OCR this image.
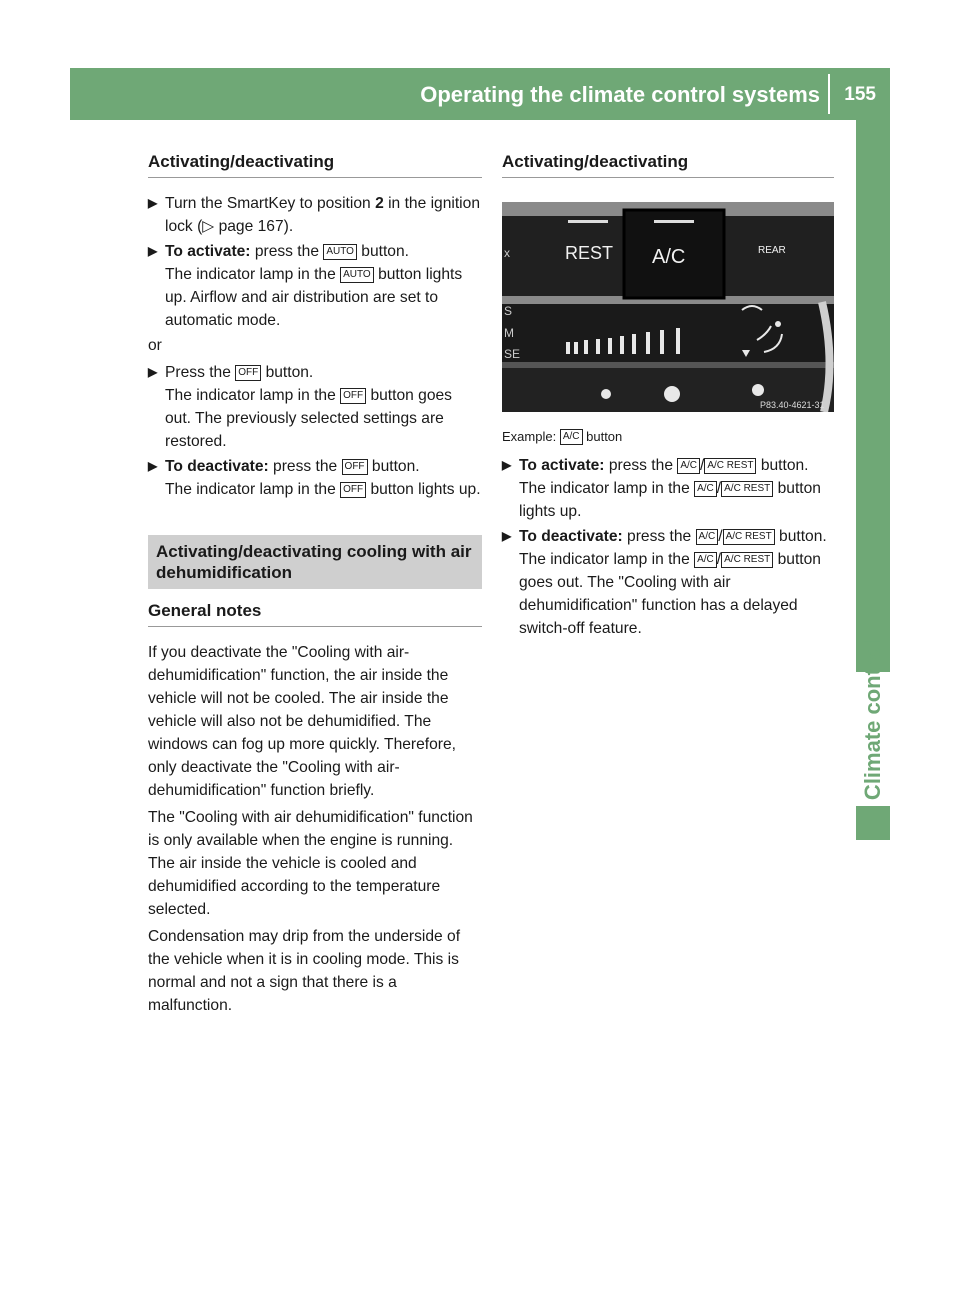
Operating the climate control systems 155
Climate control
Activating/deactivating
▶ Turn the SmartKey to position 2 in the ignition lock (▷ page 167).

▶ To activate: press the AUTO button.

The indicator lamp in the AUTO button lights up. Airflow and air distribution are set to automatic mode.

or

▶ Press the OFF button.

The indicator lamp in the OFF button goes out. The previously selected settings are restored.

▶ To deactivate: press the OFF button.

The indicator lamp in the OFF button lights up.

Activating/deactivating cooling with air dehumidification
General notes

If you deactivate the "Cooling with air-dehumidification" function, the air inside the vehicle will not be cooled. The air inside the vehicle will also not be dehumidified. The windows can fog up more quickly. Therefore, only deactivate the "Cooling with air-dehumidification" function briefly.

The "Cooling with air dehumidification" function is only available when the engine is running. The air inside the vehicle is cooled and dehumidified according to the temperature selected.

Condensation may drip from the underside of the vehicle when it is in cooling mode. This is normal and not a sign that there is a malfunction.

Activating/deactivating
REST A/C	REAR
x
S
M
SE
P83.40-4621-31

Example: A/C button

▶ To activate: press the A/C / A/C REST button.

The indicator lamp in the A/C / A/C REST button lights up.

▶ To deactivate: press the A/C / A/C REST button.

The indicator lamp in the A/C / A/C REST button goes out. The "Cooling with air dehumidification" function has a delayed switch-off feature.
